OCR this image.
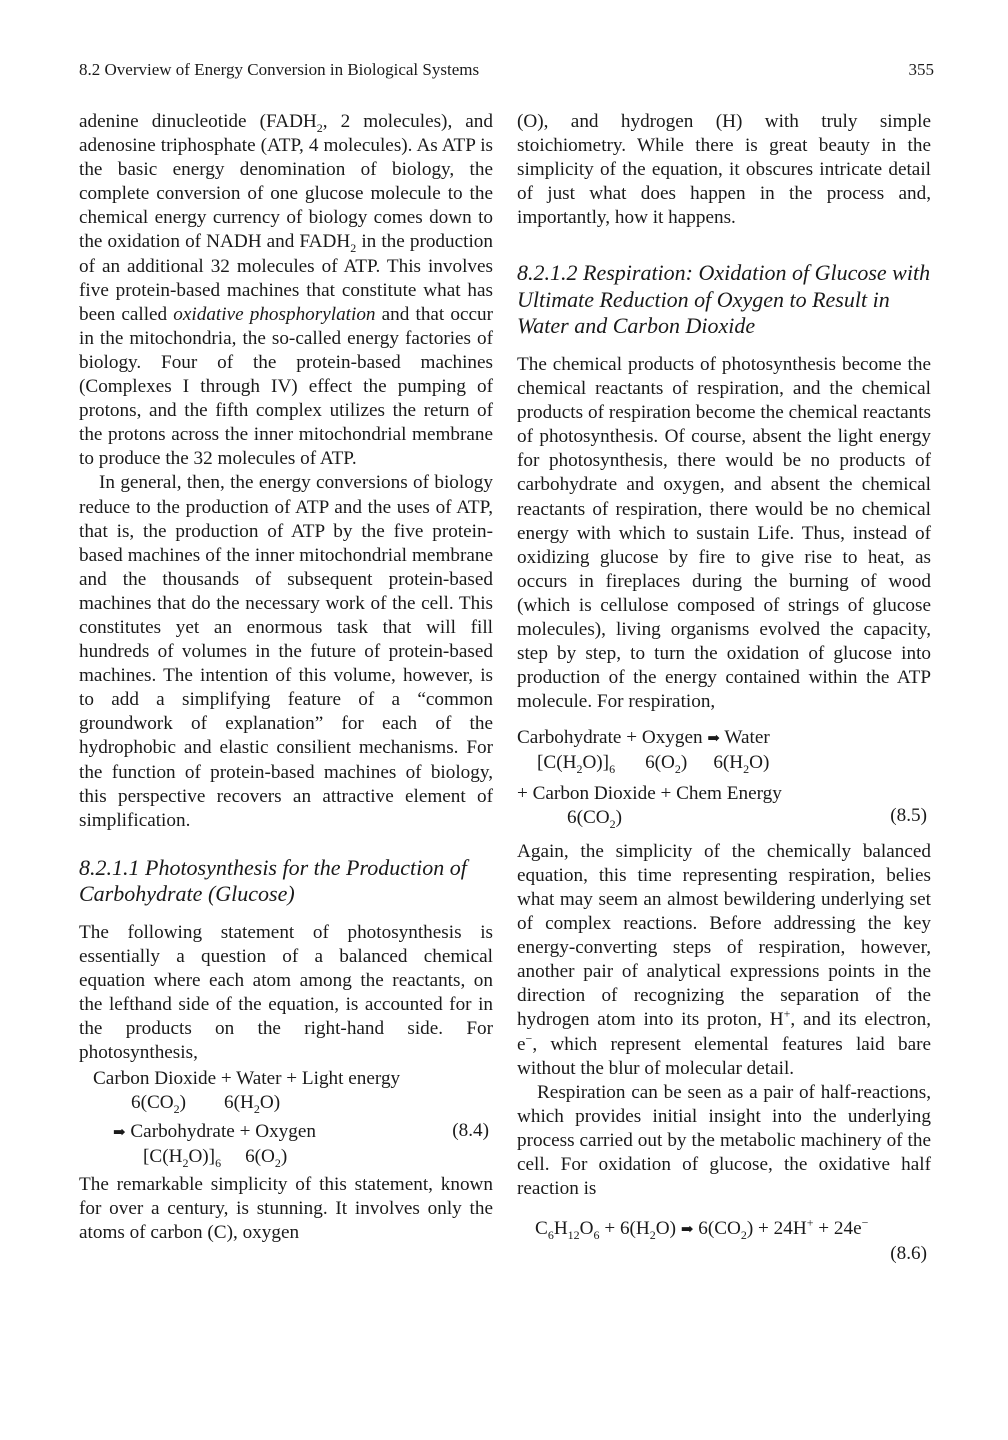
8.2 Overview of Energy Conversion in Biological Systems	355

adenine dinucleotide ($FADH_2$, 2 molecules), and adenosine triphosphate (ATP, 4 molecules). As ATP is the basic energy denomination of biology, the complete conversion of one glucose molecule to the chemical energy currency of biology comes down to the oxidation of NADH and $FADH_2$ in the production of an additional 32 molecules of ATP. This involves five protein-based machines that constitute what has been called oxidative phosphorylation and that occur in the mitochondria, the so-called energy factories of biology. Four of the protein-based machines (Complexes I through IV) effect the pumping of protons, and the fifth complex utilizes the return of the protons across the inner mitochondrial membrane to produce the 32 molecules of ATP.

In general, then, the energy conversions of biology reduce to the production of ATP and the uses of ATP, that is, the production of ATP by the five protein-based machines of the inner mitochondrial membrane and the thousands of subsequent protein-based machines that do the necessary work of the cell. This constitutes yet an enormous task that will fill hundreds of volumes in the future of protein-based machines. The intention of this volume, however, is to add a simplifying feature of a “common groundwork of explanation” for each of the hydrophobic and elastic consilient mechanisms. For the function of protein-based machines of biology, this perspective recovers an attractive element of simplification.

8.2.1.1 Photosynthesis for the Production of Carbohydrate (Glucose)

The following statement of photosynthesis is essentially a question of a balanced chemical equation where each atom among the reactants, on the lefthand side of the equation, is accounted for in the products on the right-hand side. For photosynthesis,

Carbon Dioxide + Water + Light energy
$6(CO_2)$ $6(H_2O)$
➡ Carbohydrate + Oxygen	(8.4)
$[C(H_2O)]_6$ $6(O_2)$

The remarkable simplicity of this statement, known for over a century, is stunning. It involves only the atoms of carbon (C), oxygen

(O), and hydrogen (H) with truly simple stoichiometry. While there is great beauty in the simplicity of the equation, it obscures intricate detail of just what does happen in the process and, importantly, how it happens.

8.2.1.2 Respiration: Oxidation of Glucose with Ultimate Reduction of Oxygen to Result in Water and Carbon Dioxide

The chemical products of photosynthesis become the chemical reactants of respiration, and the chemical products of respiration become the chemical reactants of photosynthesis. Of course, absent the light energy for photosynthesis, there would be no products of carbohydrate and oxygen, and absent the chemical reactants of respiration, there would be no chemical energy with which to sustain Life. Thus, instead of oxidizing glucose by fire to give rise to heat, as occurs in fireplaces during the burning of wood (which is cellulose composed of strings of glucose molecules), living organisms evolved the capacity, step by step, to turn the oxidation of glucose into production of the energy contained within the ATP molecule. For respiration,

Carbohydrate + Oxygen ➡ Water
$[C(H_2O)]_6$ $6(O_2)$ $6(H_2O)$
+ Carbon Dioxide + Chem Energy
$6(CO_2)$	(8.5)

Again, the simplicity of the chemically balanced equation, this time representing respiration, belies what may seem an almost bewildering underlying set of complex reactions. Before addressing the key energy-converting steps of respiration, however, another pair of analytical expressions points in the direction of recognizing the separation of the hydrogen atom into its proton, H+, and its electron, e−, which represent elemental features laid bare without the blur of molecular detail.

Respiration can be seen as a pair of half-reactions, which provides initial insight into the underlying process carried out by the metabolic machinery of the cell. For oxidation of glucose, the oxidative half reaction is

$C_6H_{12}O_6 + 6(H_2O)$ ➡ $6(CO_2) + 24H^+ + 24e^-$
(8.6)
